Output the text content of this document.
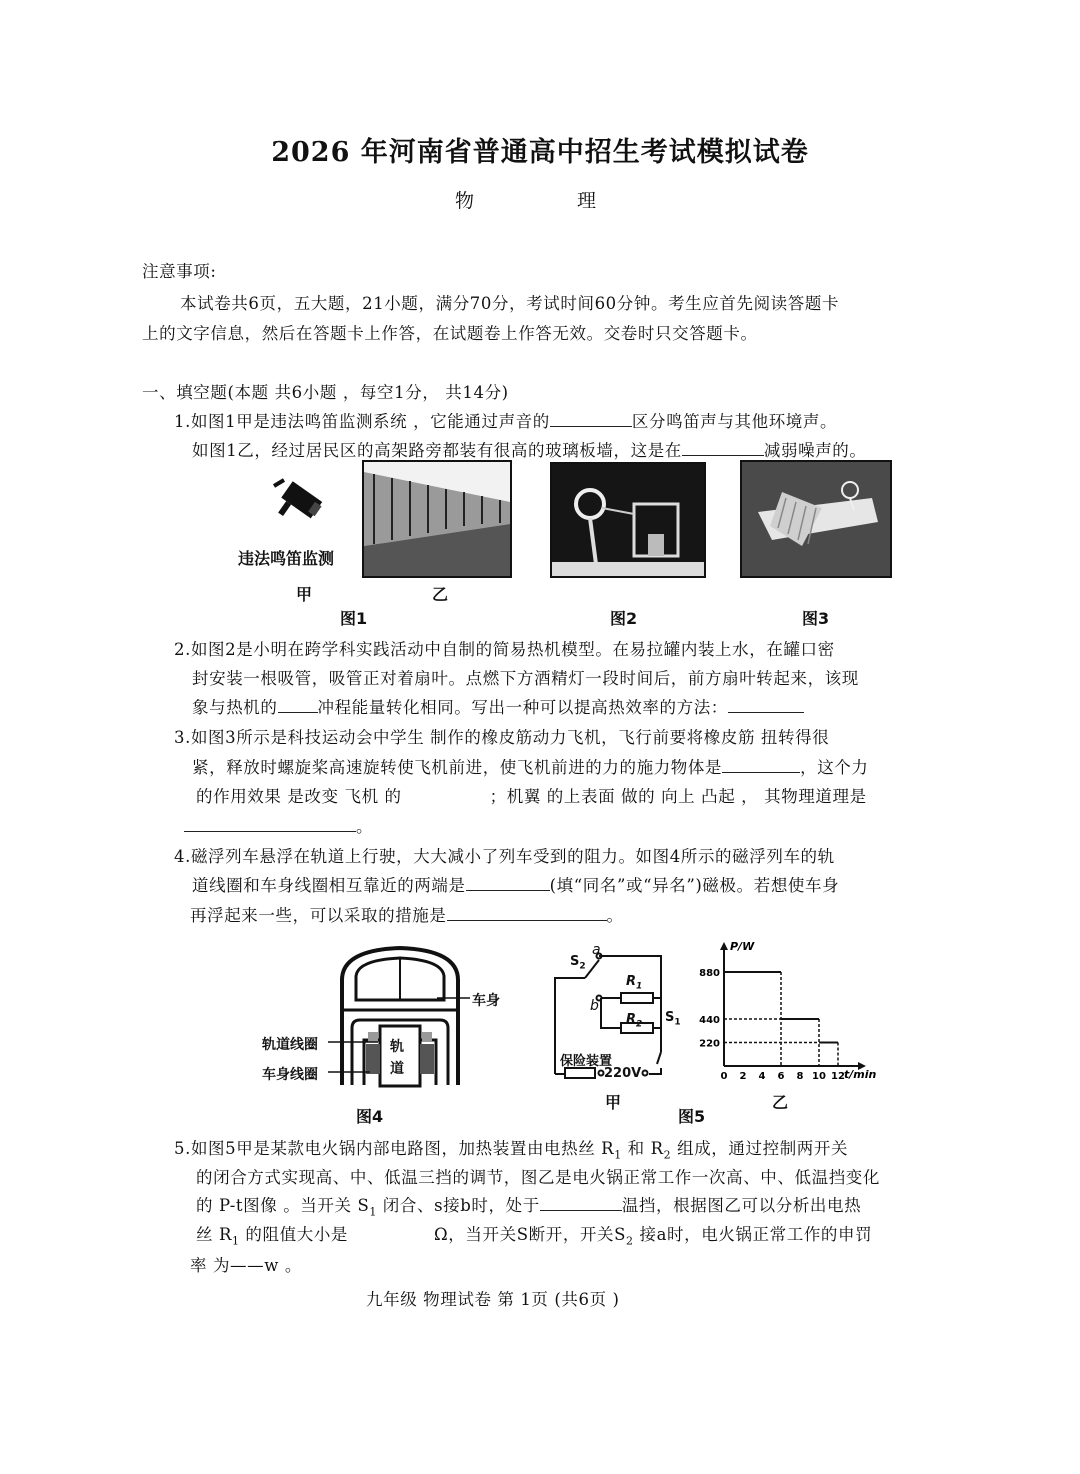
2026 年河南省普通高中招生考试模拟试卷
物	理
注意事项:
本试卷共6页，五大题，21小题，满分70分，考试时间60分钟。考生应首先阅读答题卡
上的文字信息，然后在答题卡上作答，在试题卷上作答无效。交卷时只交答题卡。
一、填空题(本题 共6小题 ，每空1分， 共14分)
1.如图1甲是违法鸣笛监测系统 ，它能通过声音的	区分鸣笛声与其他环境声。
如图1乙，经过居民区的高架路旁都装有很高的玻璃板墙，这是在	减弱噪声的。
违法鸣笛监测
甲	乙
图1	图2	图3
2.如图2是小明在跨学科实践活动中自制的简易热机模型。在易拉罐内装上水，在罐口密
封安装一根吸管，吸管正对着扇叶。点燃下方酒精灯一段时间后，前方扇叶转起来，该现
象与热机的 冲程能量转化相同。写出一种可以提高热效率的方法：
3.如图3所示是科技运动会中学生 制作的橡皮筋动力飞机，飞行前要将橡皮筋 扭转得很
紧，释放时螺旋桨高速旋转使飞机前进，使飞机前进的力的施力物体是	，这个力
的作用效果 是改变 飞机 的	；机翼 的上表面 做的 向上 凸起 ， 其物理道理是
。
4.磁浮列车悬浮在轨道上行驶，大大减小了列车受到的阻力。如图4所示的磁浮列车的轨
道线圈和车身线圈相互靠近的两端是	(填“同名”或“异名”)磁极。若想使车身
再浮起来一些，可以采取的措施是	。
轨
道
车身
轨道线圈
车身线圈
图4
a
b
$S_2$
$S_1$
$R_1$
$R_2$
保险装置
220V
甲
图5
乙
P/W
t/min
220
440
880
0 2 4 6 8 10 12
5.如图5甲是某款电火锅内部电路图，加热装置由电热丝 $R_1$ 和 $R_2$ 组成，通过控制两开关
的闭合方式实现高、中、低温三挡的调节，图乙是电火锅正常工作一次高、中、低温挡变化
的 P-t图像 。当开关 $S_1$ 闭合、s接b时，处于	温挡，根据图乙可以分析出电热
丝 $R_1$ 的阻值大小是	Ω，当开关S断开，开关$S_2$ 接a时，电火锅正常工作的申罚
率 为——w 。
九年级 物理试卷 第 1页 (共6页 )
